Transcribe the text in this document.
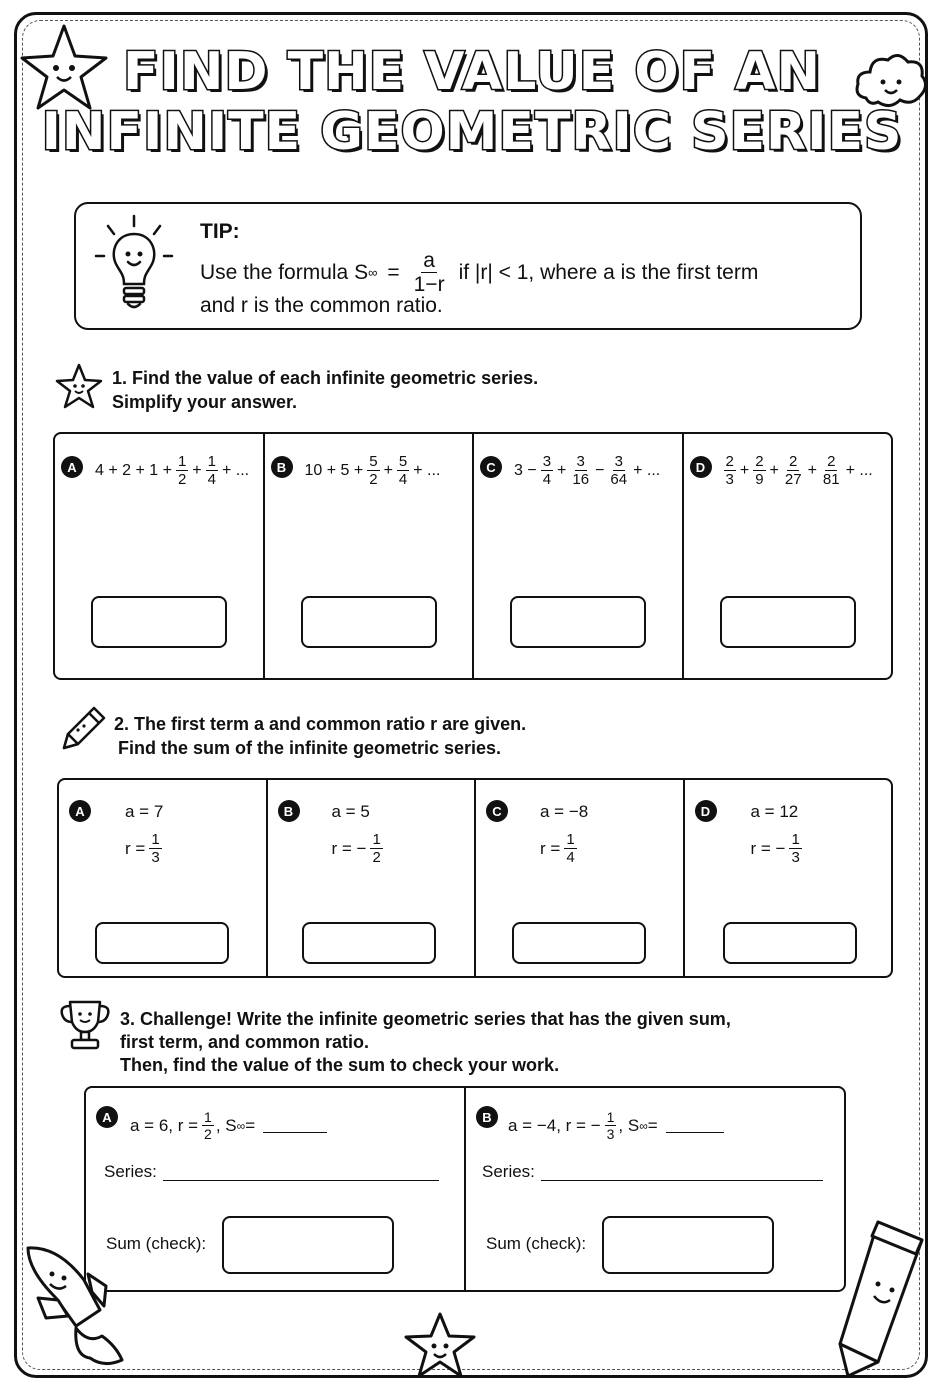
FIND THE VALUE OF AN
INFINITE GEOMETRIC SERIES
TIP:
Use the formula S ∞ = $\frac{a}{1-r}$ if |r| < 1, where a is the first term
and r is the common ratio.
1. Find the value of each infinite geometric series.
Simplify your answer.
A	$4 + 2 + 1 + \frac{1}{2} + \frac{1}{4}$ + ...	B	$10 + 5 + \frac{5}{2} + \frac{5}{4}$ + ...	C	$3 - \frac{3}{4} + \frac{3}{16} - \frac{3}{64}$ + ...	D	$\frac{2}{3} + \frac{2}{9} + \frac{2}{27} + \frac{2}{81}$ + ...
2. The first term a and common ratio r are given.
Find the sum of the infinite geometric series.
A	a = 7
$r = \frac{1}{3}$
B	a = 5
r = − $\frac{1}{2}$
C	a = −8
$r = \frac{1}{4}$
D	a = 12
r = − $\frac{1}{3}$
3. Challenge! Write the infinite geometric series that has the given sum,
first term, and common ratio.
Then, find the value of the sum to check your work.
A	a = 6, $r = \frac{1}{2}$ , S ∞ =
Series:
Sum (check):
B a = −4, r = − $\frac{1}{3}$ , S ∞ =
Series:
Sum (check):
